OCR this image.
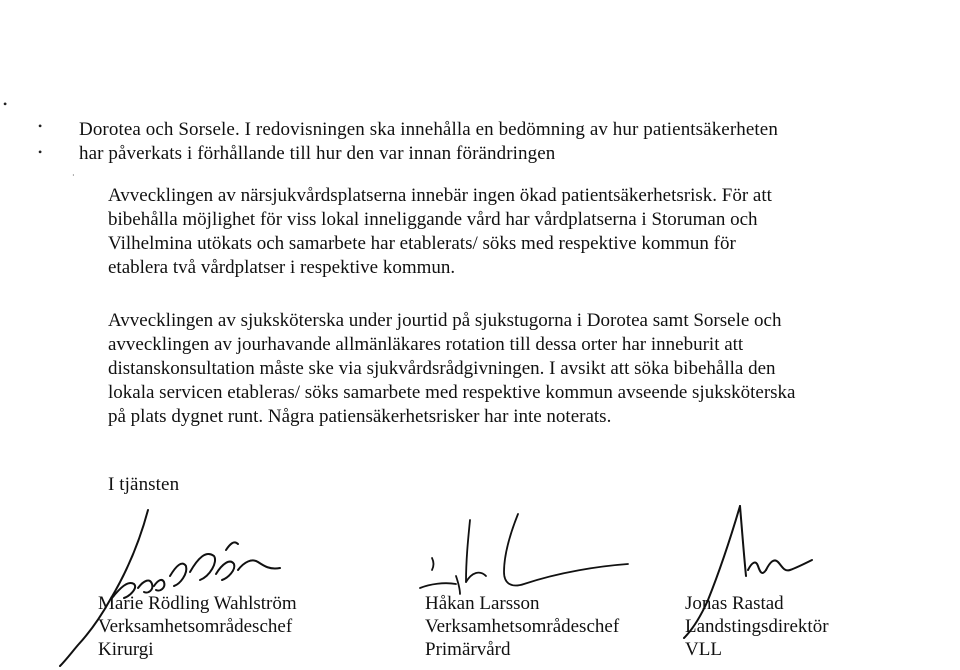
•
•
•
·
Dorotea och Sorsele. I redovisningen ska innehålla en bedömning av hur patientsäkerheten
har påverkats i förhållande till hur den var innan förändringen
Avvecklingen av närsjukvårdsplatserna innebär ingen ökad patientsäkerhetsrisk. För att
bibehålla möjlighet för viss lokal inneliggande vård har vårdplatserna i Storuman och
Vilhelmina utökats och samarbete har etablerats/ söks med respektive kommun för
etablera två vårdplatser i respektive kommun.
Avvecklingen av sjuksköterska under jourtid på sjukstugorna i Dorotea samt Sorsele och
avvecklingen av jourhavande allmänläkares rotation till dessa orter har inneburit att
distanskonsultation måste ske via sjukvårdsrådgivningen. I avsikt att söka bibehålla den
lokala servicen etableras/ söks samarbete med respektive kommun avseende sjuksköterska
på plats dygnet runt. Några patiensäkerhetsrisker har inte noterats.
I tjänsten
Marie Rödling Wahlström
Verksamhetsområdeschef
Kirurgi
Håkan Larsson
Verksamhetsområdeschef
Primärvård
Jonas Rastad
Landstingsdirektör
VLL
